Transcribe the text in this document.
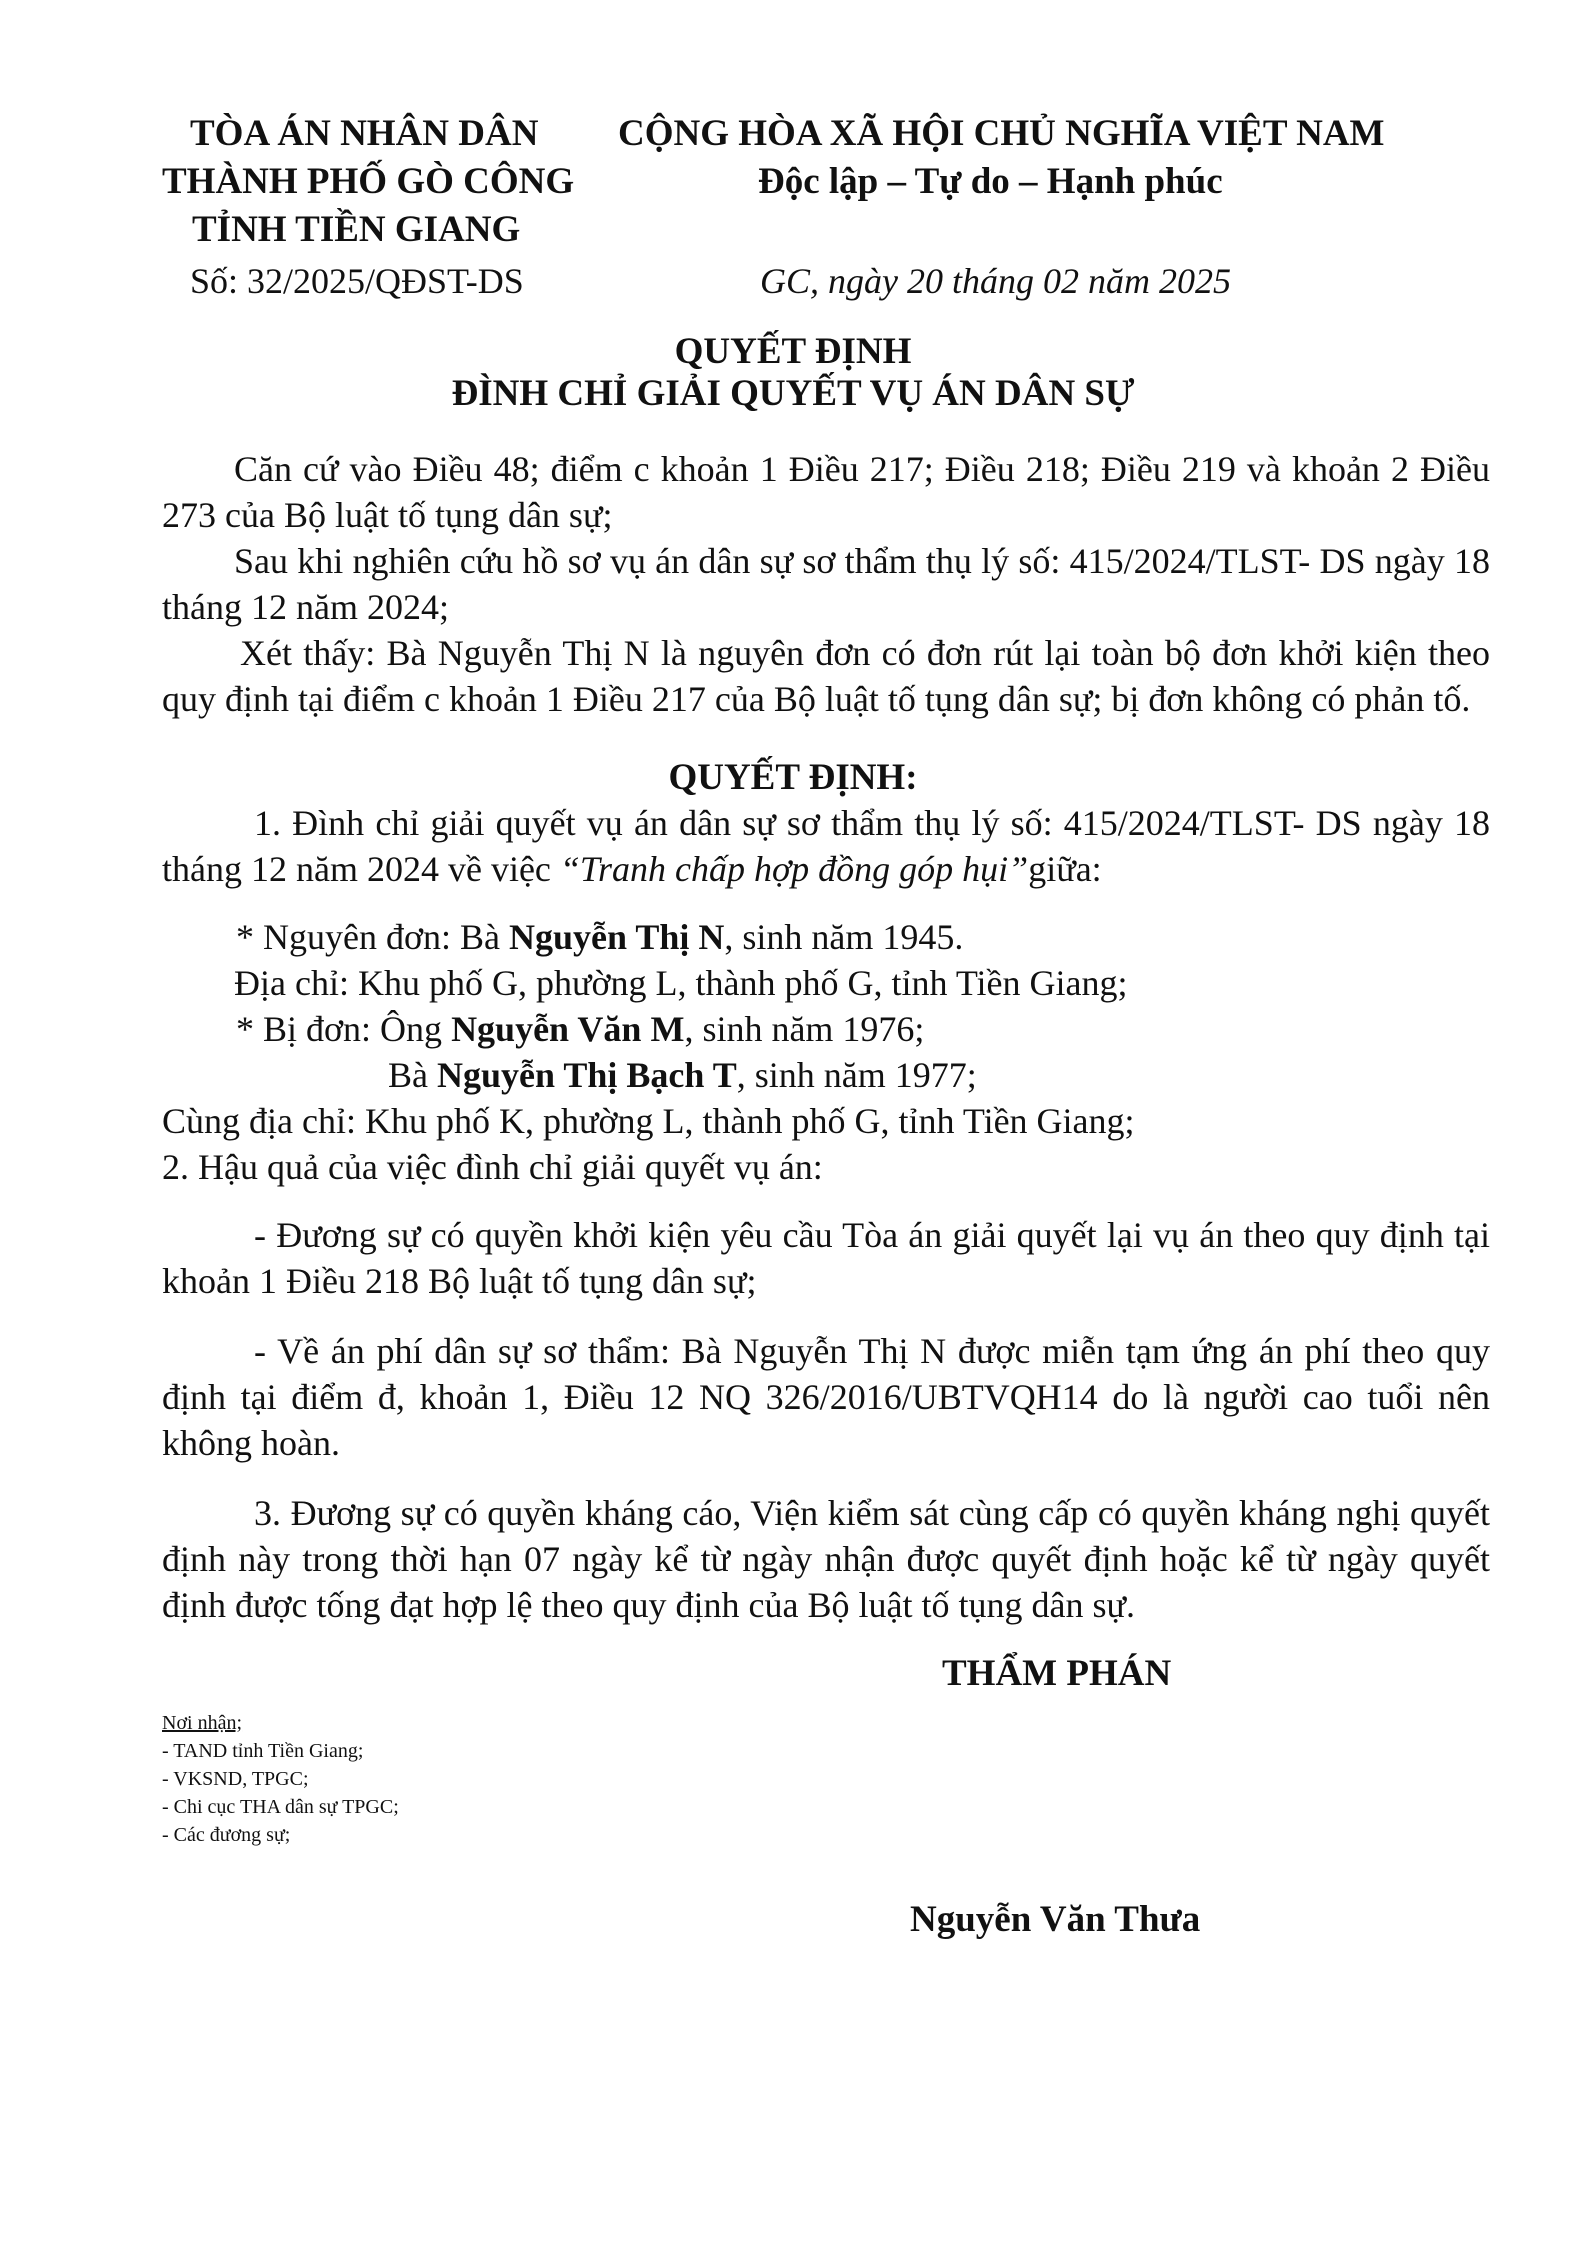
TÒA ÁN NHÂN DÂN
THÀNH PHỐ GÒ CÔNG
TỈNH TIỀN GIANG
Số: 32/2025/QĐST-DS
CỘNG HÒA XÃ HỘI CHỦ NGHĨA VIỆT NAM
Độc lập – Tự do – Hạnh phúc
GC, ngày 20 tháng 02 năm 2025
QUYẾT ĐỊNH
ĐÌNH CHỈ GIẢI QUYẾT VỤ ÁN DÂN SỰ
Căn cứ vào Điều 48; điểm c khoản 1 Điều 217; Điều 218; Điều 219 và khoản 2 Điều 273 của Bộ luật tố tụng dân sự;
Sau khi nghiên cứu hồ sơ vụ án dân sự sơ thẩm thụ lý số: 415/2024/TLST- DS ngày 18 tháng 12 năm 2024;
Xét thấy: Bà Nguyễn Thị N là nguyên đơn có đơn rút lại toàn bộ đơn khởi kiện theo quy định tại điểm c khoản 1 Điều 217 của Bộ luật tố tụng dân sự; bị đơn không có phản tố.
QUYẾT ĐỊNH:
1. Đình chỉ giải quyết vụ án dân sự sơ thẩm thụ lý số: 415/2024/TLST- DS ngày 18 tháng 12 năm 2024 về việc “Tranh chấp hợp đồng góp hụi”giữa:
* Nguyên đơn: Bà Nguyễn Thị N, sinh năm 1945.
Địa chỉ: Khu phố G, phường L, thành phố G, tỉnh Tiền Giang;
* Bị đơn: Ông Nguyễn Văn M, sinh năm 1976;
Bà Nguyễn Thị Bạch T, sinh năm 1977;
Cùng địa chỉ: Khu phố K, phường L, thành phố G, tỉnh Tiền Giang;
2. Hậu quả của việc đình chỉ giải quyết vụ án:
- Đương sự có quyền khởi kiện yêu cầu Tòa án giải quyết lại vụ án theo quy định tại khoản 1 Điều 218 Bộ luật tố tụng dân sự;
- Về án phí dân sự sơ thẩm: Bà Nguyễn Thị N được miễn tạm ứng án phí theo quy định tại điểm đ, khoản 1, Điều 12 NQ 326/2016/UBTVQH14 do là người cao tuổi nên không hoàn.
3. Đương sự có quyền kháng cáo, Viện kiểm sát cùng cấp có quyền kháng nghị quyết định này trong thời hạn 07 ngày kể từ ngày nhận được quyết định hoặc kể từ ngày quyết định được tống đạt hợp lệ theo quy định của Bộ luật tố tụng dân sự.
THẨM PHÁN
Nơi nhận;
- TAND tỉnh Tiền Giang;
- VKSND, TPGC;
- Chi cục THA dân sự TPGC;
- Các đương sự;
Nguyễn Văn Thưa
